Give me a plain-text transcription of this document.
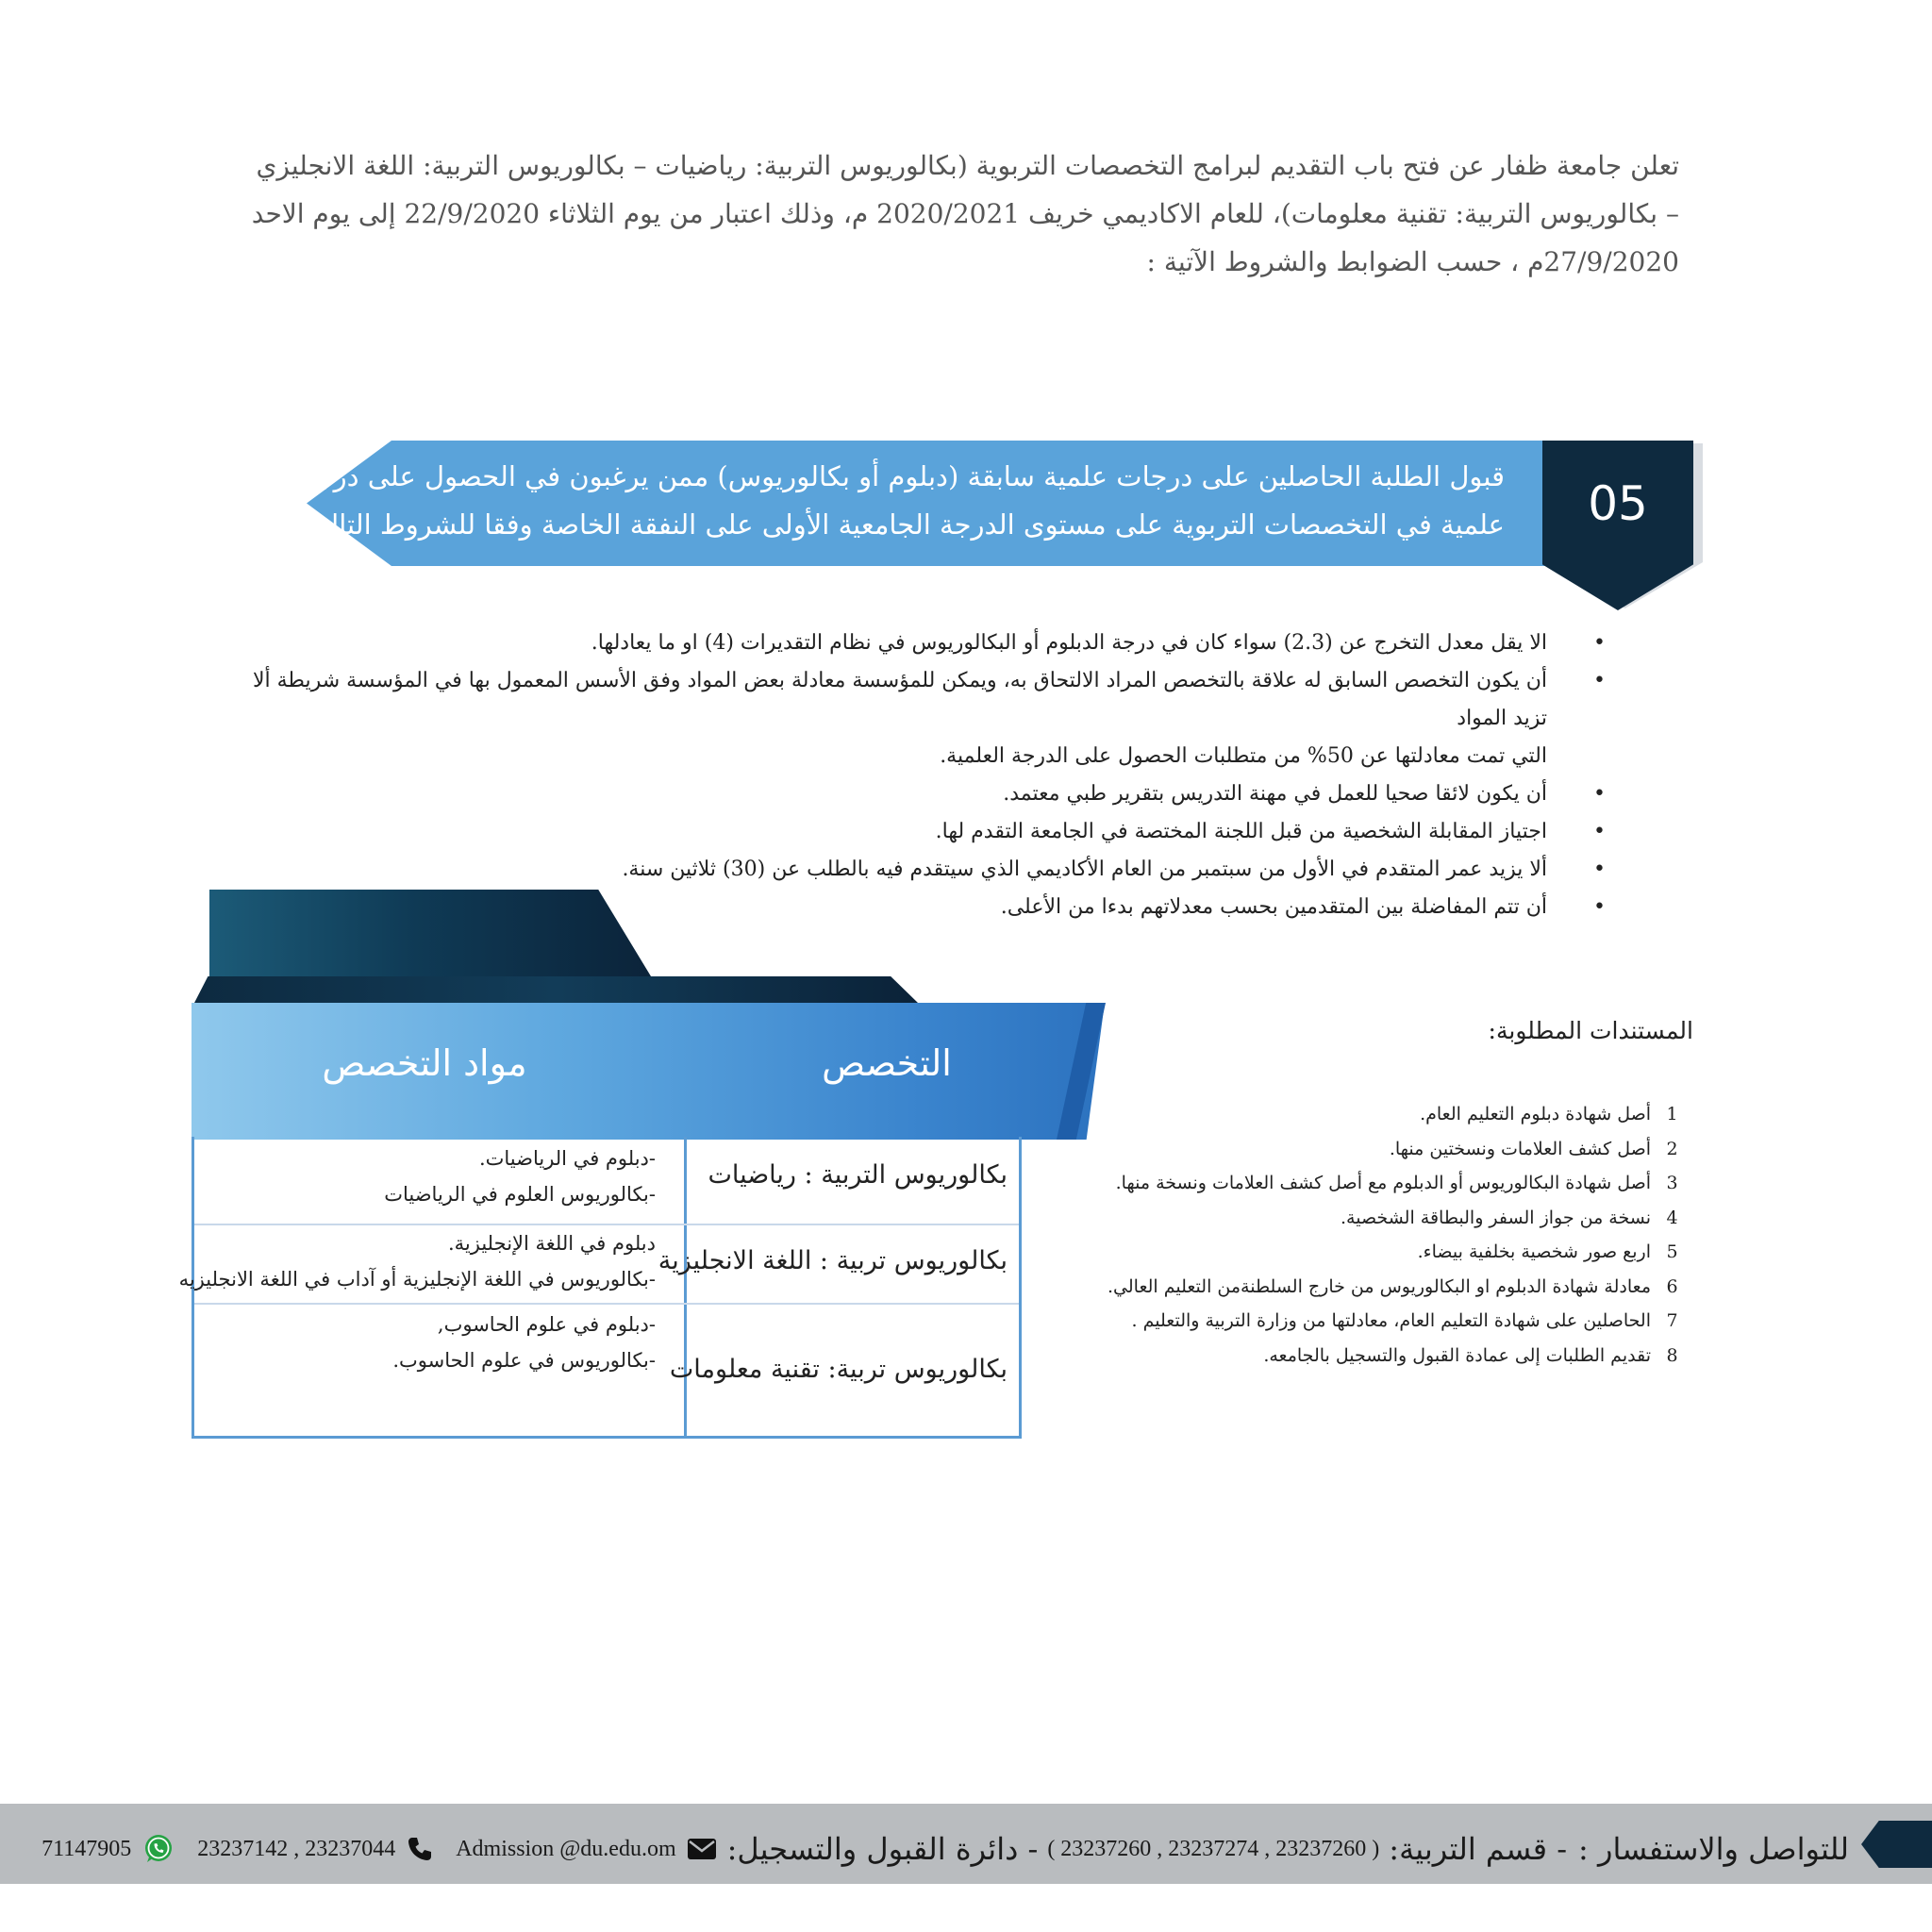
تعلن جامعة ظفار عن فتح باب التقديم لبرامج التخصصات التربوية (بكالوريوس التربية: رياضيات – بكالوريوس التربية: اللغة الانجليزي
– بكالوريوس التربية: تقنية معلومات)، للعام الاكاديمي خريف 2020/2021 م، وذلك اعتبار من يوم الثلاثاء 22/9/2020 إلى يوم الاحد
27/9/2020م ، حسب الضوابط والشروط الآتية :
قبول الطلبة الحاصلين على درجات علمية سابقة (دبلوم أو بكالوريوس) ممن يرغبون في الحصول على درجات
علمية في التخصصات التربوية على مستوى الدرجة الجامعية الأولى على النفقة الخاصة وفقا للشروط التالية :	05
•
الا يقل معدل التخرج عن (2.3) سواء كان في درجة الدبلوم أو البكالوريوس في نظام التقديرات (4) او ما يعادلها.
•
أن يكون التخصص السابق له علاقة بالتخصص المراد الالتحاق به، ويمكن للمؤسسة معادلة بعض المواد وفق الأسس المعمول بها في المؤسسة شريطة ألا تزيد المواد
التي تمت معادلتها عن 50% من متطلبات الحصول على الدرجة العلمية.
•
أن يكون لائقا صحيا للعمل في مهنة التدريس بتقرير طبي معتمد.
•
اجتياز المقابلة الشخصية من قبل اللجنة المختصة في الجامعة التقدم لها.
•
ألا يزيد عمر المتقدم في الأول من سبتمبر من العام الأكاديمي الذي سيتقدم فيه بالطلب عن (30) ثلاثين سنة.
•
أن تتم المفاضلة بين المتقدمين بحسب معدلاتهم بدءا من الأعلى.
التخصص
مواد التخصص
بكالوريوس التربية : رياضيات
-دبلوم في الرياضيات.
-بكالوريوس العلوم في الرياضيات
بكالوريوس تربية : اللغة الانجليزية
دبلوم في اللغة الإنجليزية.
-بكالوريوس في اللغة الإنجليزية أو آداب في اللغة الانجليزيه
بكالوريوس تربية: تقنية معلومات
-دبلوم في علوم الحاسوب,
-بكالوريوس في علوم الحاسوب.
المستندات المطلوبة:
1أصل شهادة دبلوم التعليم العام.
2أصل كشف العلامات ونسختين منها.
3أصل شهادة البكالوريوس أو الدبلوم مع أصل كشف العلامات ونسخة منها.
4نسخة من جواز السفر والبطاقة الشخصية.
5اربع صور شخصية بخلفية بيضاء.
6معادلة شهادة الدبلوم او البكالوريوس من خارج السلطنةمن التعليم العالي.
7الحاصلين على شهادة التعليم العام، معادلتها من وزارة التربية والتعليم .
8تقديم الطلبات إلى عمادة القبول والتسجيل بالجامعه.
للتواصل والاستفسار :
- قسم التربية:
( 23237260 , 23237274 , 23237260 )
- دائرة القبول والتسجيل:
Admission @du.edu.om
23237142 , 23237044
71147905
